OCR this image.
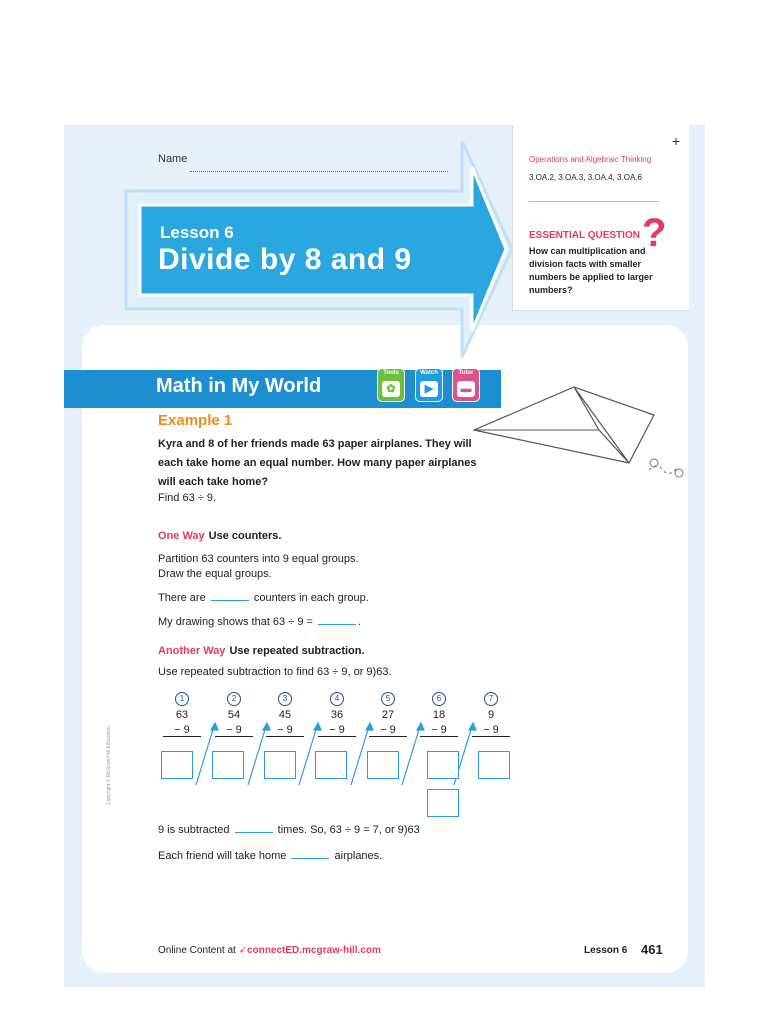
Name
Lesson 6
Divide by 8 and 9
+
Operations and Algebraic Thinking
3.OA.2, 3.OA.3, 3.OA.4, 3.OA.6
ESSENTIAL QUESTION
How can multiplication and division facts with smaller numbers be applied to larger numbers?
?
Math in My World
Tools
✿
Watch
▶
Tutor
▬
Example 1
Kyra and 8 of her friends made 63 paper airplanes. They will each take home an equal number. How many paper airplanes will each take home?
Find 63 ÷ 9.
One Way Use counters.
Partition 63 counters into 9 equal groups.
Draw the equal groups.
There are	counters in each group.
My drawing shows that 63 ÷ 9 =	.
Another Way Use repeated subtraction.
Use repeated subtraction to find 63 ÷ 9, or 9)63.
1
63
− 9
2
54
− 9
3
45
− 9
4
36
− 9
5
27
− 9
6
18
− 9
7
9
− 9
9 is subtracted	times. So, 63 ÷ 9 = 7, or 9)63
Each friend will take home	airplanes.
Copyright © McGraw-Hill Education
Online Content at ➶connectED.mcgraw-hill.com	Lesson 6 461
